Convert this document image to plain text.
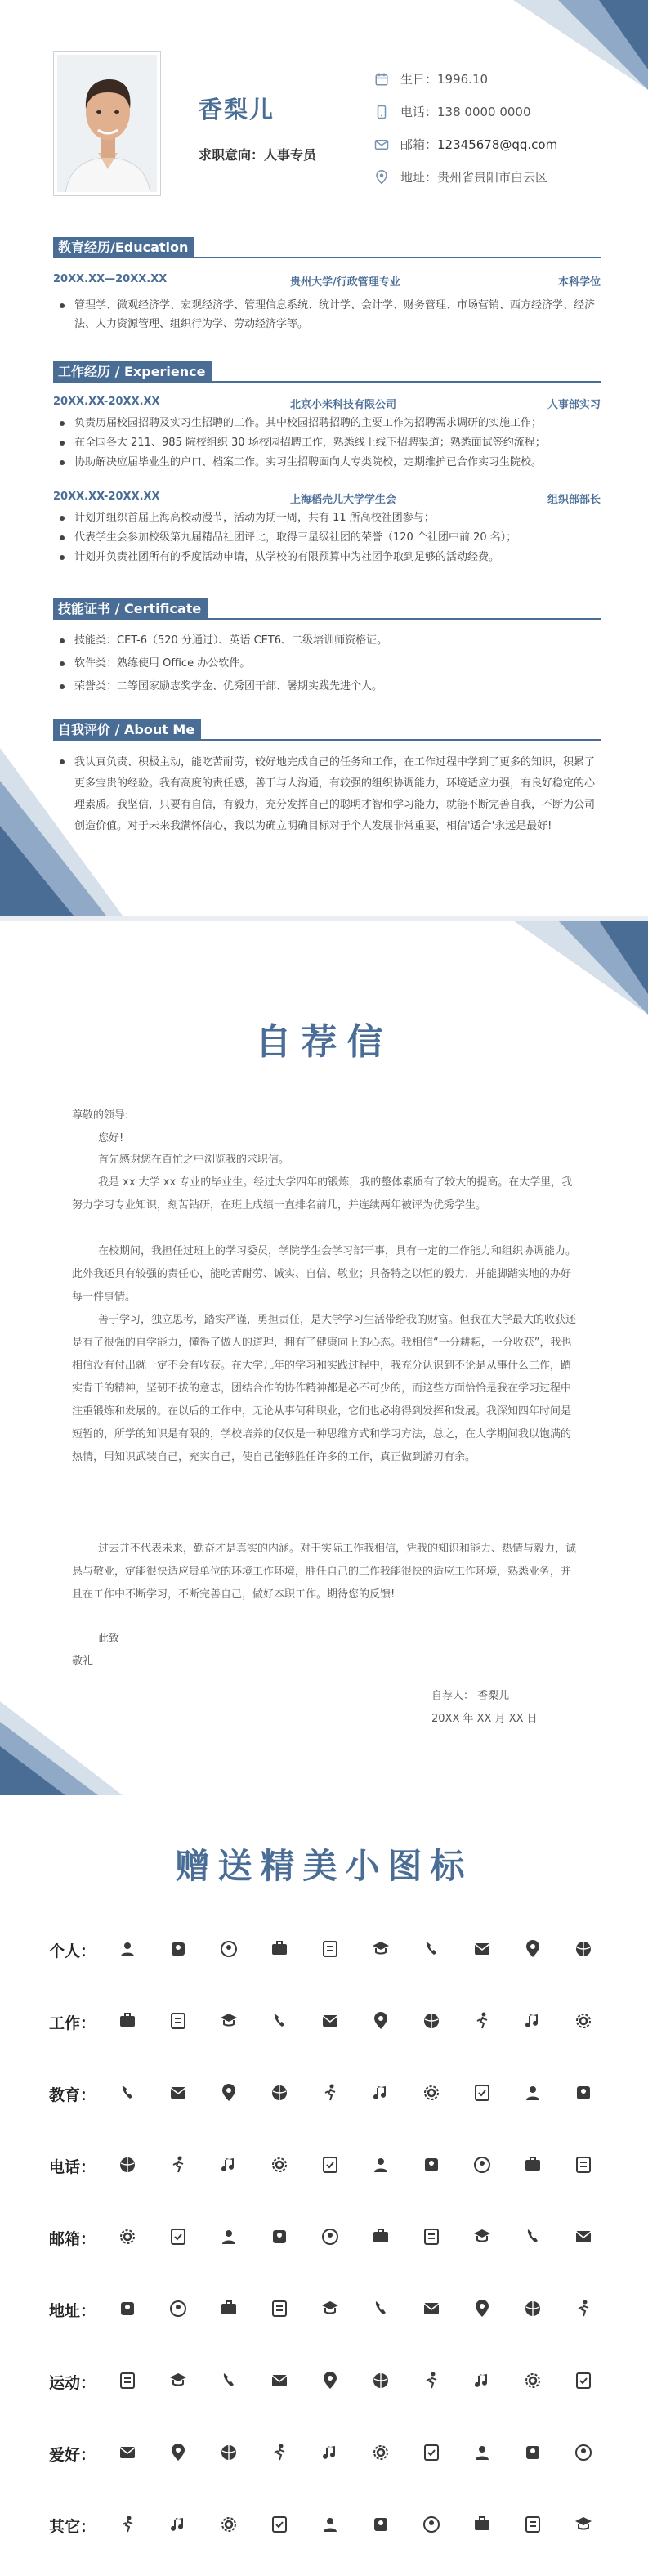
香梨儿
求职意向：人事专员
生日：1996.10
电话：138 0000 0000
邮箱： 12345678@qq.com
地址：贵州省贵阳市白云区
教育经历/Education
20XX.XX—20XX.XX	贵州大学/行政管理专业	本科学位
管理学、微观经济学、宏观经济学、管理信息系统、统计学、会计学、财务管理、市场营销、西方经济学、经济法、人力资源管理、组织行为学、劳动经济学等。
工作经历 / Experience
20XX.XX-20XX.XX	北京小米科技有限公司	人事部实习
负责历届校园招聘及实习生招聘的工作。其中校园招聘招聘的主要工作为招聘需求调研的实施工作；
在全国各大 211、985 院校组织 30 场校园招聘工作，熟悉线上线下招聘渠道；熟悉面试签约流程；
协助解决应届毕业生的户口、档案工作。实习生招聘面向大专类院校，定期维护已合作实习生院校。
20XX.XX-20XX.XX	上海稻壳儿大学学生会	组织部部长
计划并组织首届上海高校动漫节，活动为期一周，共有 11 所高校社团参与；
代表学生会参加校级第九届精品社团评比，取得三星级社团的荣誉（120 个社团中前 20 名）；
计划并负责社团所有的季度活动申请，从学校的有限预算中为社团争取到足够的活动经费。
技能证书 / Certificate
技能类：CET-6（520 分通过）、英语 CET6、二级培训师资格证。
软件类：熟练使用 Office 办公软件。
荣誉类：二等国家励志奖学金、优秀团干部、暑期实践先进个人。
自我评价 / About Me
我认真负责、积极主动，能吃苦耐劳，较好地完成自己的任务和工作，在工作过程中学到了更多的知识，积累了更多宝贵的经验。我有高度的责任感，善于与人沟通，有较强的组织协调能力，环境适应力强，有良好稳定的心理素质。我坚信，只要有自信，有毅力，充分发挥自己的聪明才智和学习能力，就能不断完善自我，不断为公司创造价值。对于未来我满怀信心，我以为确立明确目标对于个人发展非常重要，相信'适合'永远是最好!
自荐信
尊敬的领导:
您好!
首先感谢您在百忙之中浏览我的求职信。
我是 xx 大学 xx 专业的毕业生。经过大学四年的锻炼，我的整体素质有了较大的提高。在大学里，我努力学习专业知识，刻苦钻研，在班上成绩一直排名前几，并连续两年被评为优秀学生。
在校期间，我担任过班上的学习委员，学院学生会学习部干事，具有一定的工作能力和组织协调能力。此外我还具有较强的责任心，能吃苦耐劳、诚实、自信、敬业；具备特之以恒的毅力，并能脚踏实地的办好每一件事情。
善于学习，独立思考，踏实严谨，勇担责任，是大学学习生活带给我的财富。但我在大学最大的收获还是有了很强的自学能力，懂得了做人的道理，拥有了健康向上的心态。我相信“一分耕耘，一分收获”，我也相信没有付出就一定不会有收获。在大学几年的学习和实践过程中，我充分认识到不论是从事什么工作，踏实肯干的精神，坚韧不拔的意志，团结合作的协作精神都是必不可少的，而这些方面恰恰是我在学习过程中注重锻炼和发展的。在以后的工作中，无论从事何种职业，它们也必将得到发挥和发展。我深知四年时间是短暂的，所学的知识是有限的，学校培养的仅仅是一种思维方式和学习方法，总之，在大学期间我以饱满的热情，用知识武装自己，充实自己，使自己能够胜任许多的工作，真正做到游刃有余。
过去并不代表未来，勤奋才是真实的内涵。对于实际工作我相信，凭我的知识和能力、热情与毅力，诚恳与敬业，定能很快适应贵单位的环境工作环境，胜任自己的工作我能很快的适应工作环境，熟悉业务，并且在工作中不断学习，不断完善自己，做好本职工作。期待您的反馈!
此致
敬礼
自荐人： 香梨儿
20XX 年 XX 月 XX 日
赠送精美小图标
个人：
工作：
教育：
电话：
邮箱：
地址：
运动：
爱好：
其它：
